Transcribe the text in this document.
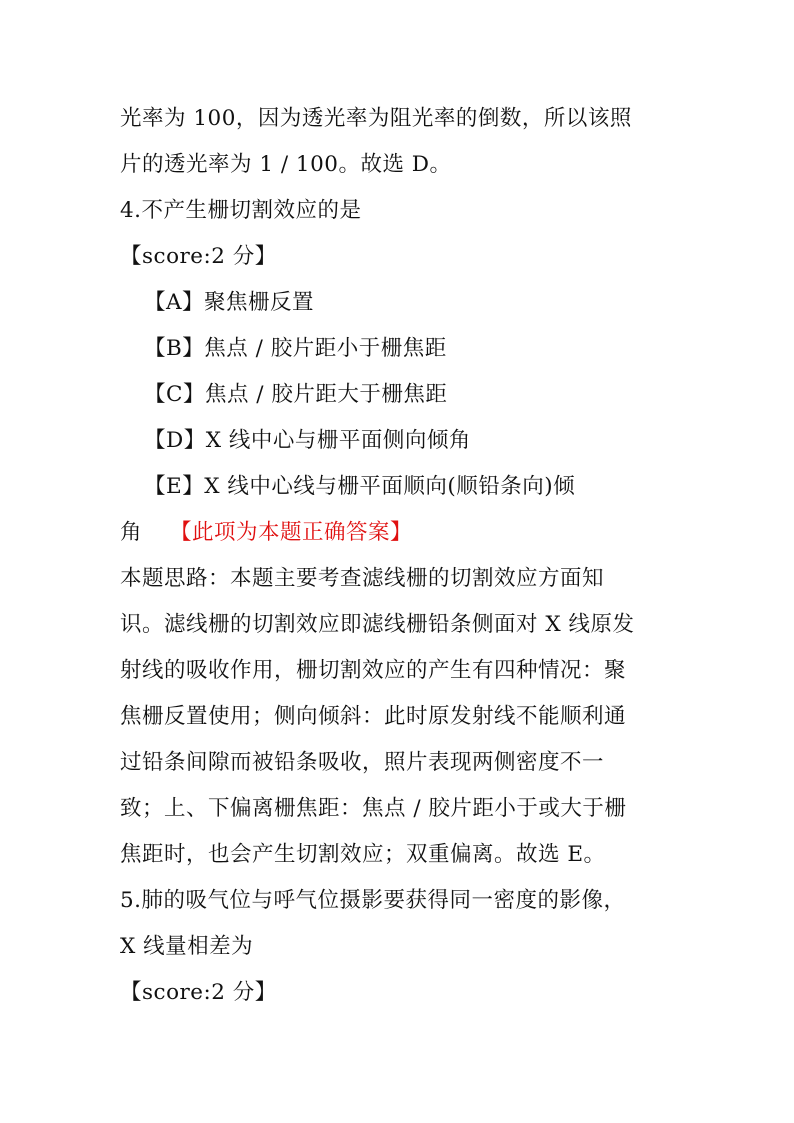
光率为 100，因为透光率为阻光率的倒数，所以该照
片的透光率为 1 / 100。故选 D。
4.不产生栅切割效应的是
【score:2 分】
【A】聚焦栅反置
【B】焦点 / 胶片距小于栅焦距
【C】焦点 / 胶片距大于栅焦距
【D】X 线中心与栅平面侧向倾角
【E】X 线中心线与栅平面顺向(顺铅条向)倾
角 【此项为本题正确答案】
本题思路：本题主要考查滤线栅的切割效应方面知
识。滤线栅的切割效应即滤线栅铅条侧面对 X 线原发
射线的吸收作用，栅切割效应的产生有四种情况：聚
焦栅反置使用；侧向倾斜：此时原发射线不能顺利通
过铅条间隙而被铅条吸收，照片表现两侧密度不一
致；上、下偏离栅焦距：焦点 / 胶片距小于或大于栅
焦距时，也会产生切割效应；双重偏离。故选 E。
5.肺的吸气位与呼气位摄影要获得同一密度的影像，
X 线量相差为
【score:2 分】
